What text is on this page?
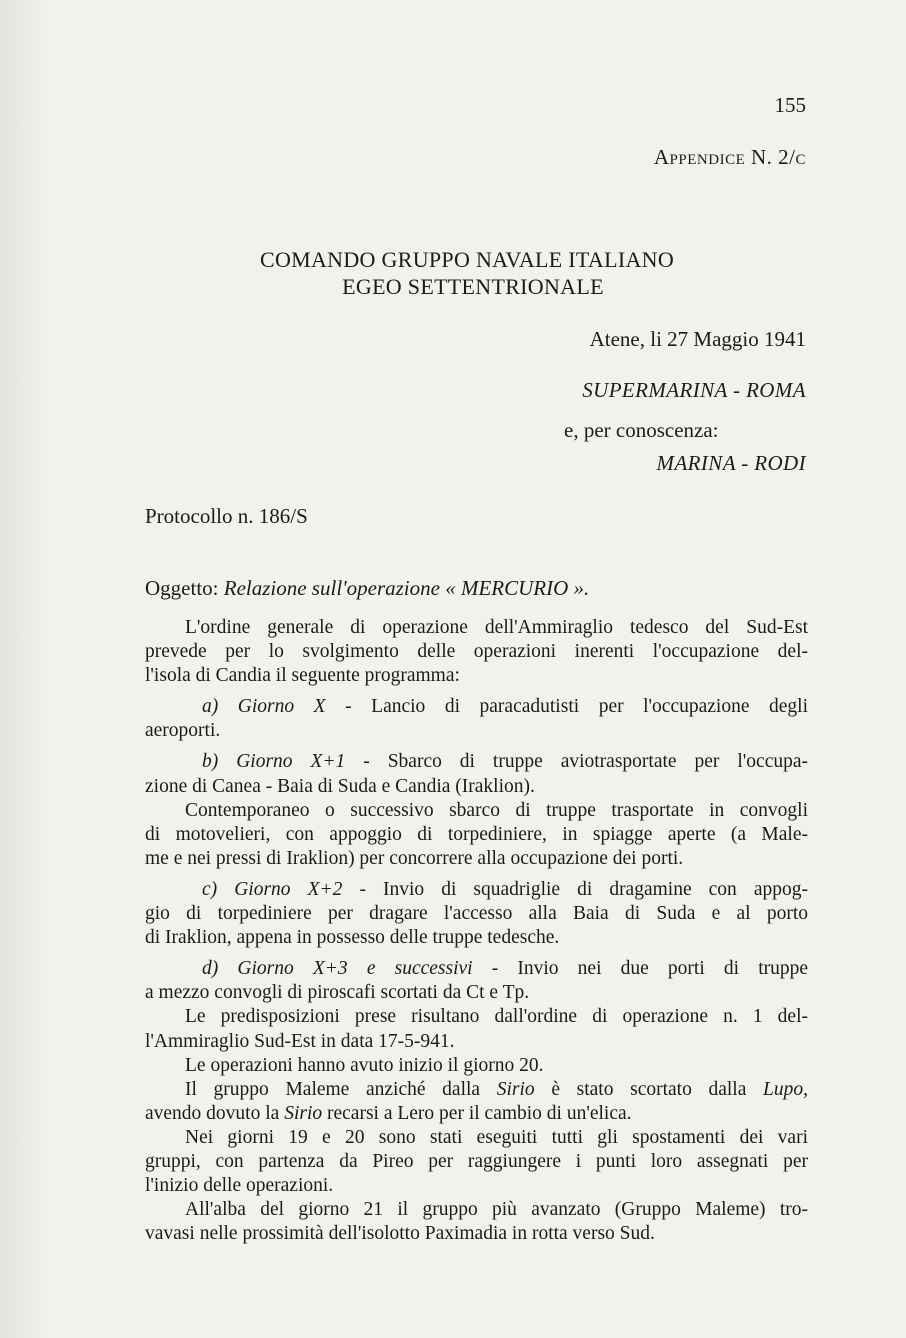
155
Appendice N. 2/c
COMANDO GRUPPO NAVALE ITALIANO
EGEO SETTENTRIONALE
Atene, li 27 Maggio 1941
SUPERMARINA - ROMA
e, per conoscenza:
MARINA - RODI
Protocollo n. 186/S
Oggetto: Relazione sull'operazione « MERCURIO ».

L'ordine generale di operazione dell'Ammiraglio tedesco del Sud-Est
prevede per lo svolgimento delle operazioni inerenti l'occupazione del-
l'isola di Candia il seguente programma:

a) Giorno X - Lancio di paracadutisti per l'occupazione degli
aeroporti.

b) Giorno X+1 - Sbarco di truppe aviotrasportate per l'occupa-
zione di Canea - Baia di Suda e Candia (Iraklion).

Contemporaneo o successivo sbarco di truppe trasportate in convogli
di motovelieri, con appoggio di torpediniere, in spiagge aperte (a Male-
me e nei pressi di Iraklion) per concorrere alla occupazione dei porti.

c) Giorno X+2 - Invio di squadriglie di dragamine con appog-
gio di torpediniere per dragare l'accesso alla Baia di Suda e al porto
di Iraklion, appena in possesso delle truppe tedesche.

d) Giorno X+3 e successivi - Invio nei due porti di truppe
a mezzo convogli di piroscafi scortati da Ct e Tp.

Le predisposizioni prese risultano dall'ordine di operazione n. 1 del-
l'Ammiraglio Sud-Est in data 17-5-941.

Le operazioni hanno avuto inizio il giorno 20.

Il gruppo Maleme anziché dalla Sirio è stato scortato dalla Lupo,
avendo dovuto la Sirio recarsi a Lero per il cambio di un'elica.

Nei giorni 19 e 20 sono stati eseguiti tutti gli spostamenti dei vari
gruppi, con partenza da Pireo per raggiungere i punti loro assegnati per
l'inizio delle operazioni.

All'alba del giorno 21 il gruppo più avanzato (Gruppo Maleme) tro-
vavasi nelle prossimità dell'isolotto Paximadia in rotta verso Sud.
